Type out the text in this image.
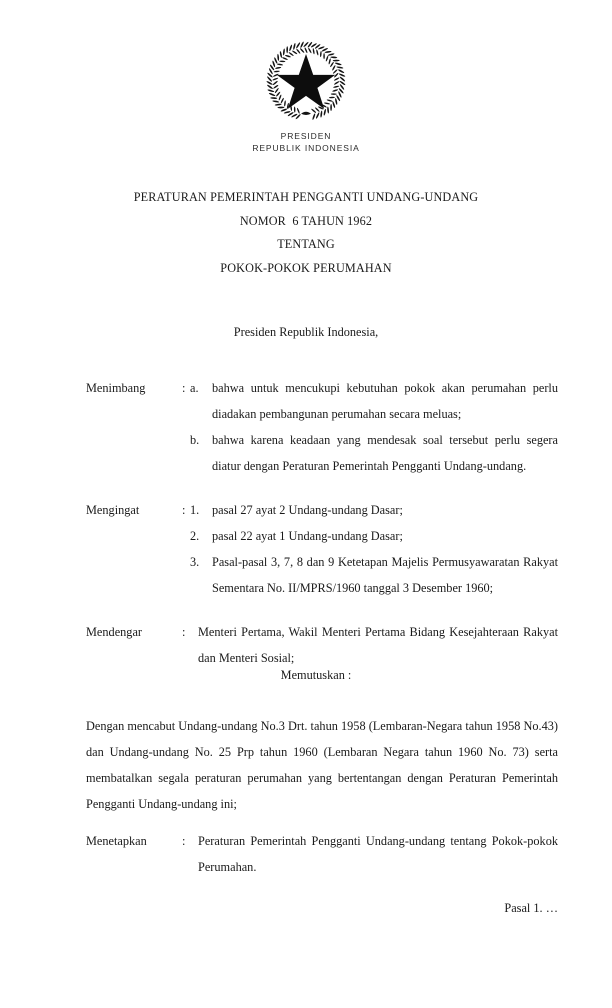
PRESIDEN
REPUBLIK INDONESIA
PERATURAN PEMERINTAH PENGGANTI UNDANG-UNDANG
NOMOR  6 TAHUN 1962
TENTANG
POKOK-POKOK PERUMAHAN
Presiden Republik Indonesia,
Menimbang	: a.	bahwa untuk mencukupi kebutuhan pokok akan perumahan perlu diadakan pembangunan perumahan secara meluas;
b.	bahwa karena keadaan yang mendesak soal tersebut perlu segera diatur dengan Peraturan Pemerintah Pengganti Undang-undang.
Mengingat	: 1.	pasal 27 ayat 2 Undang-undang Dasar;
2.	pasal 22 ayat 1 Undang-undang Dasar;
3.	Pasal-pasal 3, 7, 8 dan 9 Ketetapan Majelis Permusyawaratan Rakyat Sementara No. II/MPRS/1960 tanggal 3 Desember 1960;
Mendengar	:	Menteri Pertama, Wakil Menteri Pertama Bidang Kesejahteraan Rakyat dan Menteri Sosial;
Memutuskan :
Dengan mencabut Undang-undang No.3 Drt. tahun 1958 (Lembaran-Negara tahun 1958 No.43) dan Undang-undang No. 25 Prp tahun 1960 (Lembaran Negara tahun 1960 No. 73) serta membatalkan segala peraturan perumahan yang bertentangan dengan Peraturan Pemerintah Pengganti Undang-undang ini;
Menetapkan	:	Peraturan Pemerintah Pengganti Undang-undang tentang Pokok-pokok Perumahan.
Pasal 1. …
